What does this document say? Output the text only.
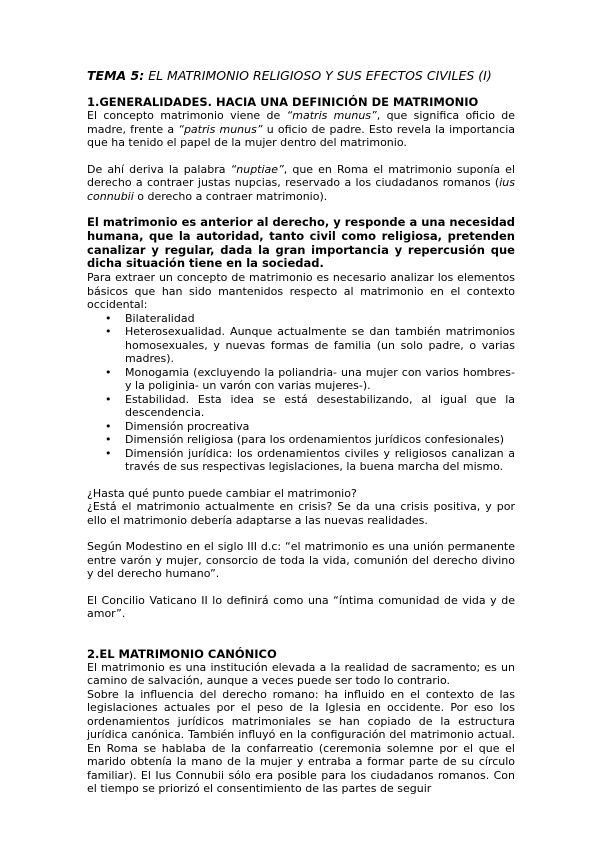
TEMA 5: EL MATRIMONIO RELIGIOSO Y SUS EFECTOS CIVILES (I)
1.GENERALIDADES. HACIA UNA DEFINICIÓN DE MATRIMONIO

El concepto matrimonio viene de “matris munus”, que significa oficio de madre, frente a “patris munus” u oficio de padre. Esto revela la importancia que ha tenido el papel de la mujer dentro del matrimonio.

De ahí deriva la palabra “nuptiae”, que en Roma el matrimonio suponía el derecho a contraer justas nupcias, reservado a los ciudadanos romanos (ius connubii o derecho a contraer matrimonio).

El matrimonio es anterior al derecho, y responde a una necesidad humana, que la autoridad, tanto civil como religiosa, pretenden canalizar y regular, dada la gran importancia y repercusión que dicha situación tiene en la sociedad.

Para extraer un concepto de matrimonio es necesario analizar los elementos básicos que han sido mantenidos respecto al matrimonio en el contexto occidental:

• Bilateralidad
• Heterosexualidad. Aunque actualmente se dan también matrimonios homosexuales, y nuevas formas de familia (un solo padre, o varias madres).
• Monogamia (excluyendo la poliandria- una mujer con varios hombres- y la poliginia- un varón con varias mujeres-).
• Estabilidad. Esta idea se está desestabilizando, al igual que la descendencia.
• Dimensión procreativa
• Dimensión religiosa (para los ordenamientos jurídicos confesionales)
• Dimensión jurídica: los ordenamientos civiles y religiosos canalizan a través de sus respectivas legislaciones, la buena marcha del mismo.

¿Hasta qué punto puede cambiar el matrimonio?

¿Está el matrimonio actualmente en crisis? Se da una crisis positiva, y por ello el matrimonio debería adaptarse a las nuevas realidades.

Según Modestino en el siglo III d.c: “el matrimonio es una unión permanente entre varón y mujer, consorcio de toda la vida, comunión del derecho divino y del derecho humano”.

El Concilio Vaticano II lo definirá como una “íntima comunidad de vida y de amor”.

2.EL MATRIMONIO CANÓNICO

El matrimonio es una institución elevada a la realidad de sacramento; es un camino de salvación, aunque a veces puede ser todo lo contrario.

Sobre la influencia del derecho romano: ha influido en el contexto de las legislaciones actuales por el peso de la Iglesia en occidente. Por eso los ordenamientos jurídicos matrimoniales se han copiado de la estructura jurídica canónica. También influyó en la configuración del matrimonio actual. En Roma se hablaba de la confarreatio (ceremonia solemne por el que el marido obtenía la mano de la mujer y entraba a formar parte de su círculo familiar). El Ius Connubii sólo era posible para los ciudadanos romanos. Con el tiempo se priorizó el consentimiento de las partes de seguir
